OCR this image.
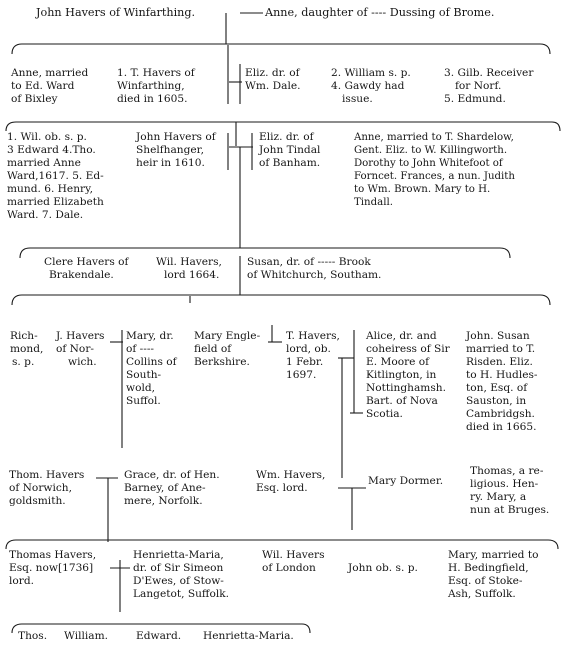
John Havers of Winfarthing.	Anne, daughter of ---- Dussing of Brome.

Anne, married

to Ed. Ward

of Bixley

1. T. Havers of

Winfarthing,

died in 1605.

Eliz. dr. of

Wm. Dale.

2. William s. p.

4. Gawdy had

issue.

3. Gilb. Receiver

for Norf.

5. Edmund.

1. Wil. ob. s. p.

3 Edward 4.Tho.

married Anne

Ward,1617. 5. Ed-

mund. 6. Henry,

married Elizabeth

Ward. 7. Dale.

John Havers of

Shelfhanger,

heir in 1610.

Eliz. dr. of

John Tindal

of Banham.

Anne, married to T. Shardelow,

Gent. Eliz. to W. Killingworth.

Dorothy to John Whitefoot of

Forncet. Frances, a nun. Judith

to Wm. Brown. Mary to H.

Tindall.

Clere Havers of

Brakendale.

Wil. Havers,

lord 1664.

Susan, dr. of ----- Brook

of Whitchurch, Southam.

Rich-

mond,

s. p.

J. Havers

of Nor-

wich.

Mary, dr.

of ----

Collins of

South-

wold,

Suffol.

Mary Engle-

field of

Berkshire.

T. Havers,

lord, ob.

1 Febr.

1697.

Alice, dr. and

coheiress of Sir

E. Moore of

Kitlington, in

Nottinghamsh.

Bart. of Nova

Scotia.

John. Susan

married to T.

Risden. Eliz.

to H. Hudles-

ton, Esq. of

Sauston, in

Cambridgsh.

died in 1665.

Thom. Havers

of Norwich,

goldsmith.

Grace, dr. of Hen.

Barney, of Ane-

mere, Norfolk.

Wm. Havers,

Esq. lord.

Mary Dormer.

Thomas, a re-

ligious. Hen-

ry. Mary, a

nun at Bruges.

Thomas Havers,

Esq. now[1736]

lord.

Henrietta-Maria,

dr. of Sir Simeon

D'Ewes, of Stow-

Langetot, Suffolk.

Wil. Havers

of London	John ob. s. p.

Mary, married to

H. Bedingfield,

Esq. of Stoke-

Ash, Suffolk.

Thos. William.	Edward. Henrietta-Maria.
